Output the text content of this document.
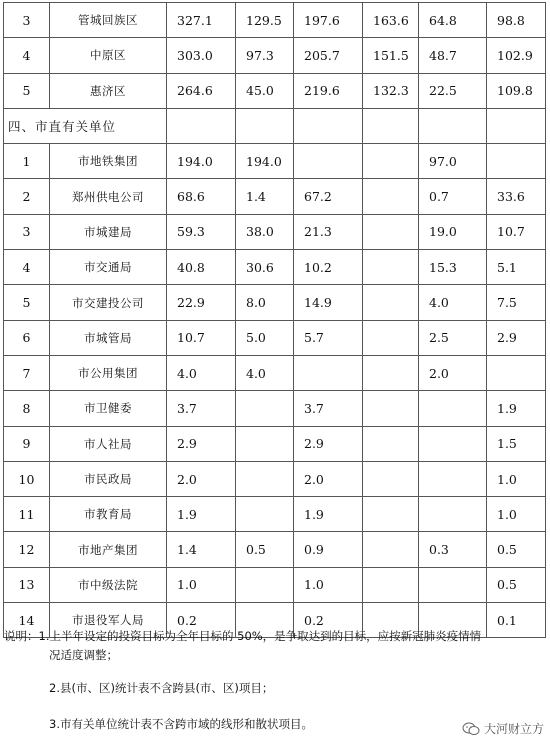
3	管城回族区	327.1	129.5	197.6	163.6	64.8	98.8
4	中原区	303.0	97.3	205.7	151.5	48.7	102.9
5	惠济区	264.6	45.0	219.6	132.3	22.5	109.8
四、市直有关单位							
1	市地铁集团	194.0	194.0			97.0	
2	郑州供电公司	68.6	1.4	67.2		0.7	33.6
3	市城建局	59.3	38.0	21.3		19.0	10.7
4	市交通局	40.8	30.6	10.2		15.3	5.1
5	市交建投公司	22.9	8.0	14.9		4.0	7.5
6	市城管局	10.7	5.0	5.7		2.5	2.9
7	市公用集团	4.0	4.0			2.0	
8	市卫健委	3.7		3.7			1.9
9	市人社局	2.9		2.9			1.5
10	市民政局	2.0		2.0			1.0
11	市教育局	1.9		1.9			1.0
12	市地产集团	1.4	0.5	0.9		0.3	0.5
13	市中级法院	1.0		1.0			0.5
14	市退役军人局	0.2		0.2			0.1
说明：1.上半年设定的投资目标为全年目标的 50%，是争取达到的目标，应按新冠肺炎疫情情
况适度调整；
2.县(市、区)统计表不含跨县(市、区)项目；
3.市有关单位统计表不含跨市域的线形和散状项目。	大河财立方
